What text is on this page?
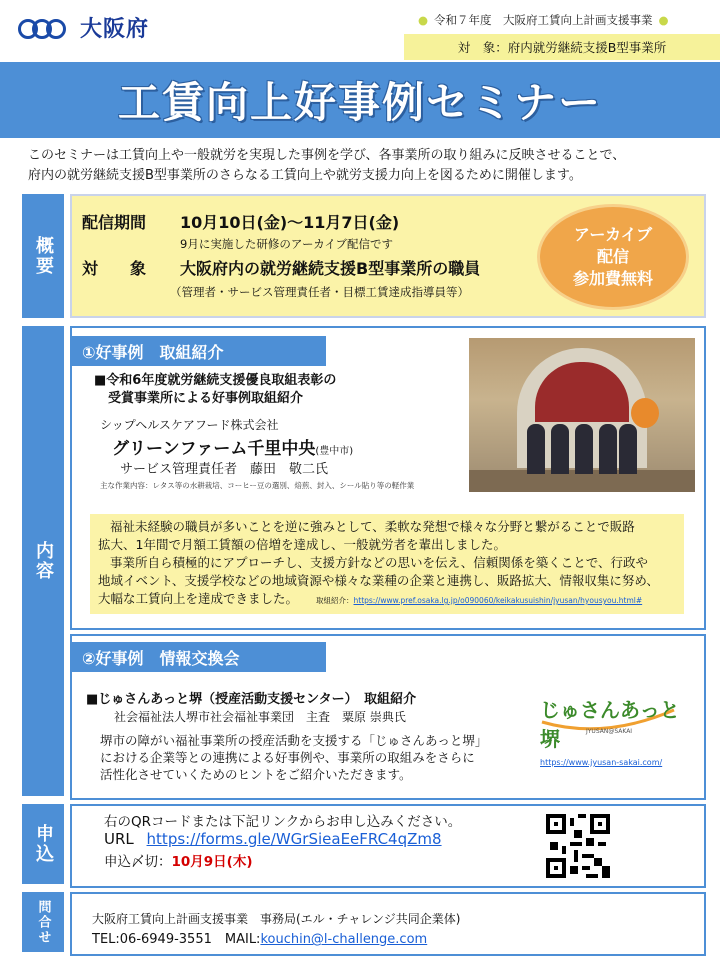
大阪府	● 令和７年度　大阪府工賃向上計画支援事業 ●
対　象：府内就労継続支援B型事業所
工賃向上好事例セミナー
このセミナーは工賃向上や一般就労を実現した事例を学び、各事業所の取り組みに反映させることで、
府内の就労継続支援B型事業所のさらなる工賃向上や就労支援力向上を図るために開催します。
概要
配信期間 10月10日(金)～11月7日(金)
9月に実施した研修のアーカイブ配信です
対　　象 大阪府内の就労継続支援B型事業所の職員
（管理者・サービス管理責任者・目標工賃達成指導員等）
アーカイブ
配信
参加費無料
内容
①好事例　取組紹介
■令和6年度就労継続支援優良取組表彰の
受賞事業所による好事例取組紹介
シップヘルスケアフード株式会社
グリーンファーム千里中央(豊中市)
サービス管理責任者　藤田　敬二氏
主な作業内容：レタス等の水耕栽培、コーヒー豆の選別、焙煎、封入、シール貼り等の軽作業
福祉未経験の職員が多いことを逆に強みとして、柔軟な発想で様々な分野と繋がることで販路
拡大、1年間で月額工賃額の倍増を達成し、一般就労者を輩出しました。
事業所自ら積極的にアプローチし、支援方針などの思いを伝え、信頼関係を築くことで、行政や
地域イベント、支援学校などの地域資源や様々な業種の企業と連携し、販路拡大、情報収集に努め、
大幅な工賃向上を達成できました。 取組紹介：https://www.pref.osaka.lg.jp/o090060/keikakusuishin/jyusan/hyousyou.html#
②好事例　情報交換会
■じゅさんあっと堺（授産活動支援センター）　取組紹介
社会福祉法人堺市社会福祉事業団　主査　粟原 崇典氏
堺市の障がい福祉事業所の授産活動を支援する「じゅさんあっと堺」
における企業等との連携による好事例や、事業所の取組みをさらに
活性化させていくためのヒントをご紹介いただきます。
じゅさんあっと堺	JYUSAN@SAKAI
https://www.jyusan-sakai.com/
申込
右のQRコードまたは下記リンクからお申し込みください。
URL https://forms.gle/WGrSieaEeFRC4qZm8
申込〆切：10月9日(木)
問合せ	大阪府工賃向上計画支援事業　事務局(エル・チャレンジ共同企業体)
TEL:06-6949-3551　MAIL:kouchin@l-challenge.com
